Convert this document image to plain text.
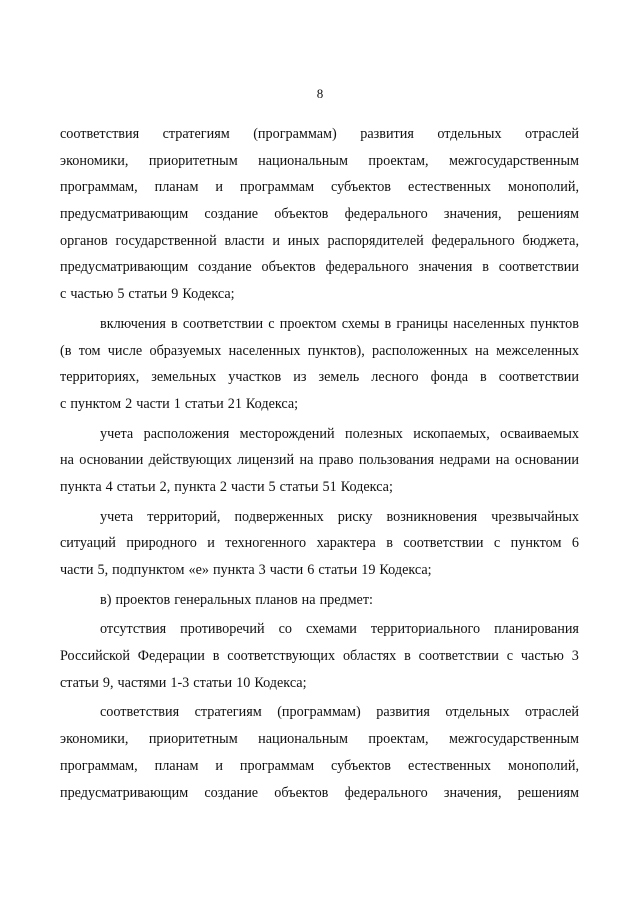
8
соответствия стратегиям (программам) развития отдельных отраслей
экономики, приоритетным национальным проектам, межгосударственным
программам, планам и программам субъектов естественных монополий,
предусматривающим создание объектов федерального значения, решениям
органов государственной власти и иных распорядителей федерального бюджета,
предусматривающим создание объектов федерального значения в соответствии
с частью 5 статьи 9 Кодекса;
включения в соответствии с проектом схемы в границы населенных пунктов
(в том числе образуемых населенных пунктов), расположенных на межселенных
территориях, земельных участков из земель лесного фонда в соответствии
с пунктом 2 части 1 статьи 21 Кодекса;
учета расположения месторождений полезных ископаемых, осваиваемых
на основании действующих лицензий на право пользования недрами на основании
пункта 4 статьи 2, пункта 2 части 5 статьи 51 Кодекса;
учета территорий, подверженных риску возникновения чрезвычайных
ситуаций природного и техногенного характера в соответствии с пунктом 6
части 5, подпунктом «е» пункта 3 части 6 статьи 19 Кодекса;
в) проектов генеральных планов на предмет:
отсутствия противоречий со схемами территориального планирования
Российской Федерации в соответствующих областях в соответствии с частью 3
статьи 9, частями 1-3 статьи 10 Кодекса;
соответствия стратегиям (программам) развития отдельных отраслей
экономики, приоритетным национальным проектам, межгосударственным
программам, планам и программам субъектов естественных монополий,
предусматривающим создание объектов федерального значения, решениям
